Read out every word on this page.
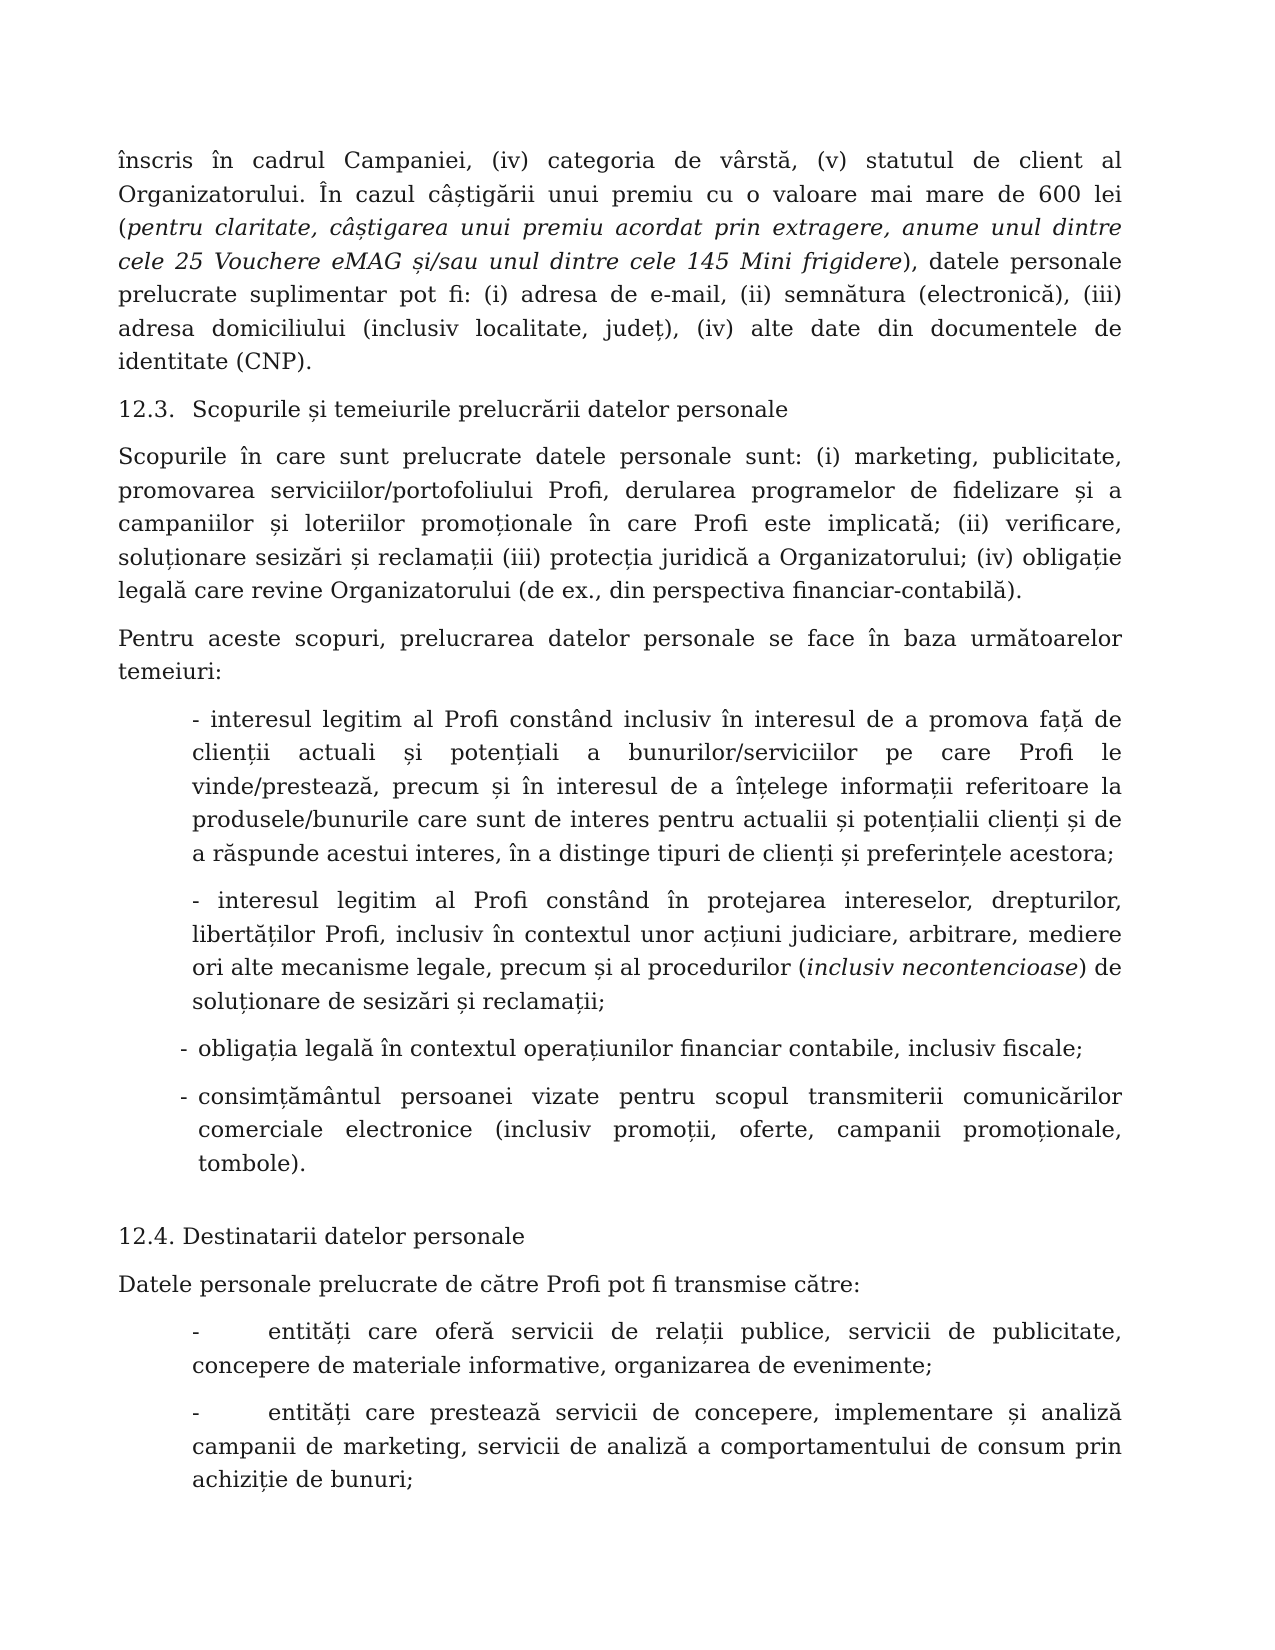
înscris în cadrul Campaniei, (iv) categoria de vârstă, (v) statutul de client al Organizatorului. În cazul câștigării unui premiu cu o valoare mai mare de 600 lei (pentru claritate, câștigarea unui premiu acordat prin extragere, anume unul dintre cele 25 Vouchere eMAG și/sau unul dintre cele 145 Mini frigidere), datele personale prelucrate suplimentar pot fi: (i) adresa de e-mail, (ii) semnătura (electronică), (iii) adresa domiciliului (inclusiv localitate, județ), (iv) alte date din documentele de identitate (CNP).

12.3. Scopurile și temeiurile prelucrării datelor personale

Scopurile în care sunt prelucrate datele personale sunt: (i) marketing, publicitate, promovarea serviciilor/portofoliului Profi, derularea programelor de fidelizare și a campaniilor și loteriilor promoționale în care Profi este implicată; (ii) verificare, soluționare sesizări și reclamații (iii) protecția juridică a Organizatorului; (iv) obligație legală care revine Organizatorului (de ex., din perspectiva financiar-contabilă).

Pentru aceste scopuri, prelucrarea datelor personale se face în baza următoarelor temeiuri:

- interesul legitim al Profi constând inclusiv în interesul de a promova față de clienții actuali și potențiali a bunurilor/serviciilor pe care Profi le vinde/prestează, precum și în interesul de a înțelege informații referitoare la produsele/bunurile care sunt de interes pentru actualii și potențialii clienți și de a răspunde acestui interes, în a distinge tipuri de clienți și preferințele acestora;

- interesul legitim al Profi constând în protejarea intereselor, drepturilor, libertăților Profi, inclusiv în contextul unor acțiuni judiciare, arbitrare, mediere ori alte mecanisme legale, precum și al procedurilor (inclusiv necontencioase) de soluționare de sesizări și reclamații;

- obligația legală în contextul operațiunilor financiar contabile, inclusiv fiscale;
- consimțământul persoanei vizate pentru scopul transmiterii comunicărilor comerciale electronice (inclusiv promoții, oferte, campanii promoționale, tombole).

12.4. Destinatarii datelor personale

Datele personale prelucrate de către Profi pot fi transmise către:

-	entități care oferă servicii de relații publice, servicii de publicitate, concepere de materiale informative, organizarea de evenimente;

-	entități care prestează servicii de concepere, implementare și analiză campanii de marketing, servicii de analiză a comportamentului de consum prin achiziție de bunuri;
